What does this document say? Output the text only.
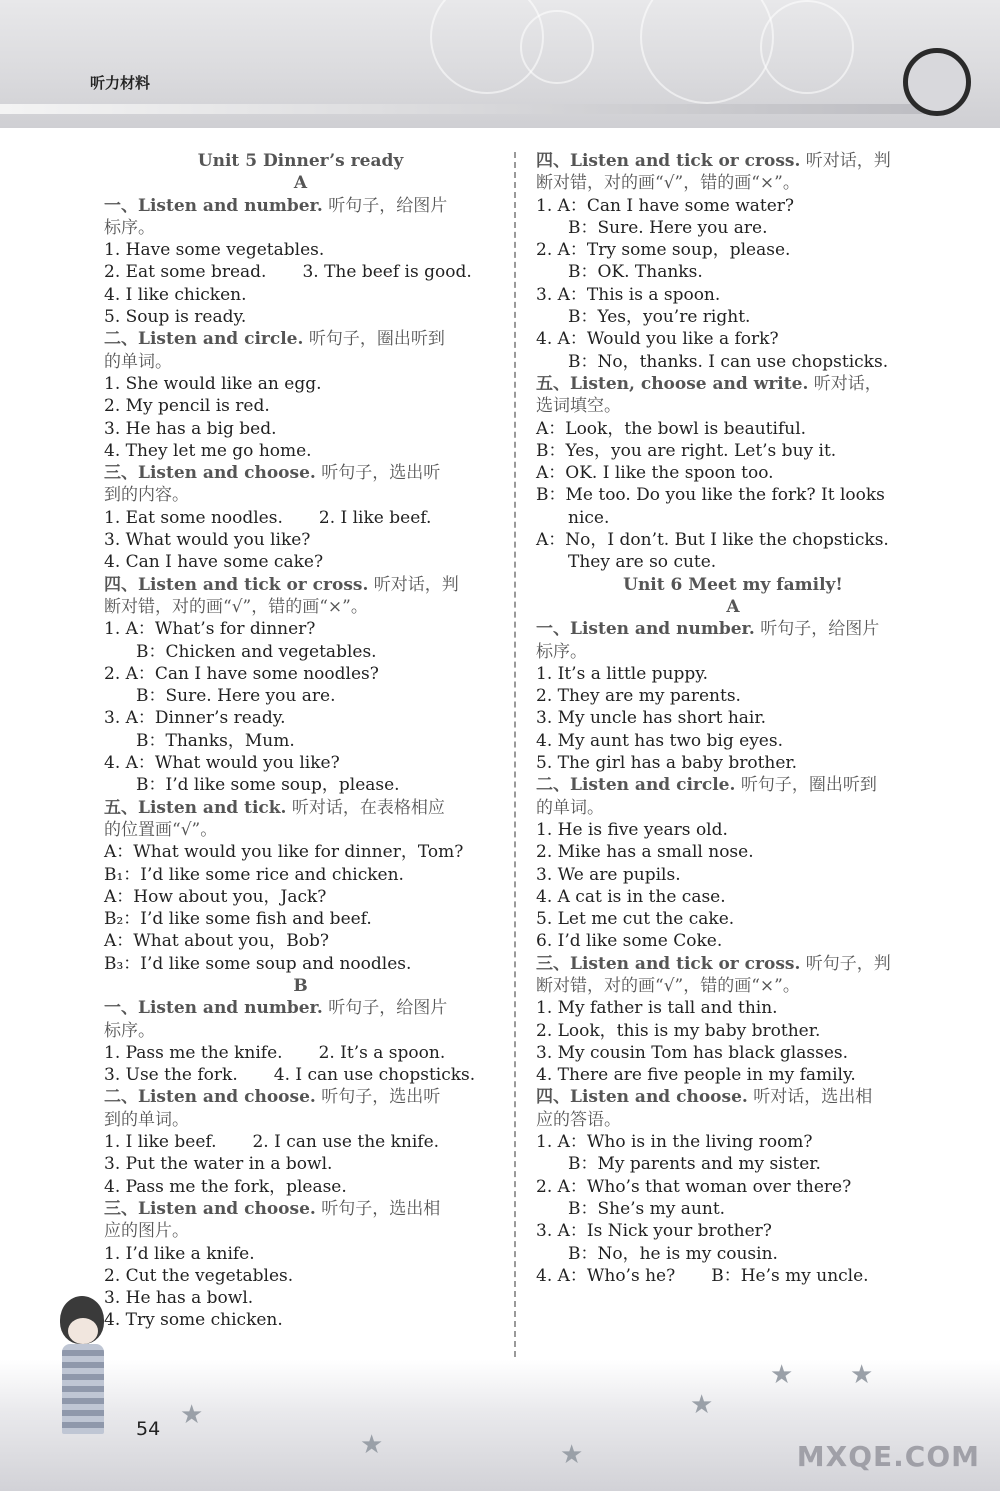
听力材料
Unit 5 Dinner’s ready
A
一、Listen and number. 听句子，给图片
标序。
1. Have some vegetables.
2. Eat some bread. 3. The beef is good.
4. I like chicken.
5. Soup is ready.
二、Listen and circle. 听句子，圈出听到
的单词。
1. She would like an egg.
2. My pencil is red.
3. He has a big bed.
4. They let me go home.
三、Listen and choose. 听句子，选出听
到的内容。
1. Eat some noodles. 2. I like beef.
3. What would you like?
4. Can I have some cake?
四、Listen and tick or cross. 听对话，判
断对错，对的画“√”，错的画“×”。
1. A：What’s for dinner?
B：Chicken and vegetables.
2. A：Can I have some noodles?
B：Sure. Here you are.
3. A：Dinner’s ready.
B：Thanks，Mum.
4. A：What would you like?
B：I’d like some soup，please.
五、Listen and tick. 听对话，在表格相应
的位置画“√”。
A：What would you like for dinner，Tom?
B₁：I’d like some rice and chicken.
A：How about you，Jack?
B₂：I’d like some fish and beef.
A：What about you，Bob?
B₃：I’d like some soup and noodles.
B
一、Listen and number. 听句子，给图片
标序。
1. Pass me the knife. 2. It’s a spoon.
3. Use the fork. 4. I can use chopsticks.
二、Listen and choose. 听句子，选出听
到的单词。
1. I like beef. 2. I can use the knife.
3. Put the water in a bowl.
4. Pass me the fork，please.
三、Listen and choose. 听句子，选出相
应的图片。
1. I’d like a knife.
2. Cut the vegetables.
3. He has a bowl.
4. Try some chicken.
四、Listen and tick or cross. 听对话，判
断对错，对的画“√”，错的画“×”。
1. A：Can I have some water?
B：Sure. Here you are.
2. A：Try some soup，please.
B：OK. Thanks.
3. A：This is a spoon.
B：Yes，you’re right.
4. A：Would you like a fork?
B：No，thanks. I can use chopsticks.
五、Listen, choose and write. 听对话，
选词填空。
A：Look，the bowl is beautiful.
B：Yes，you are right. Let’s buy it.
A：OK. I like the spoon too.
B：Me too. Do you like the fork? It looks
nice.
A：No，I don’t. But I like the chopsticks.
They are so cute.
Unit 6 Meet my family!
A
一、Listen and number. 听句子，给图片
标序。
1. It’s a little puppy.
2. They are my parents.
3. My uncle has short hair.
4. My aunt has two big eyes.
5. The girl has a baby brother.
二、Listen and circle. 听句子，圈出听到
的单词。
1. He is five years old.
2. Mike has a small nose.
3. We are pupils.
4. A cat is in the case.
5. Let me cut the cake.
6. I’d like some Coke.
三、Listen and tick or cross. 听句子，判
断对错，对的画“√”，错的画“×”。
1. My father is tall and thin.
2. Look，this is my baby brother.
3. My cousin Tom has black glasses.
4. There are five people in my family.
四、Listen and choose. 听对话，选出相
应的答语。
1. A：Who is in the living room?
B：My parents and my sister.
2. A：Who’s that woman over there?
B：She’s my aunt.
3. A：Is Nick your brother?
B：No，he is my cousin.
4. A：Who’s he? B：He’s my uncle.
★
★
★
★ ★
★
54
MXQE.COM
